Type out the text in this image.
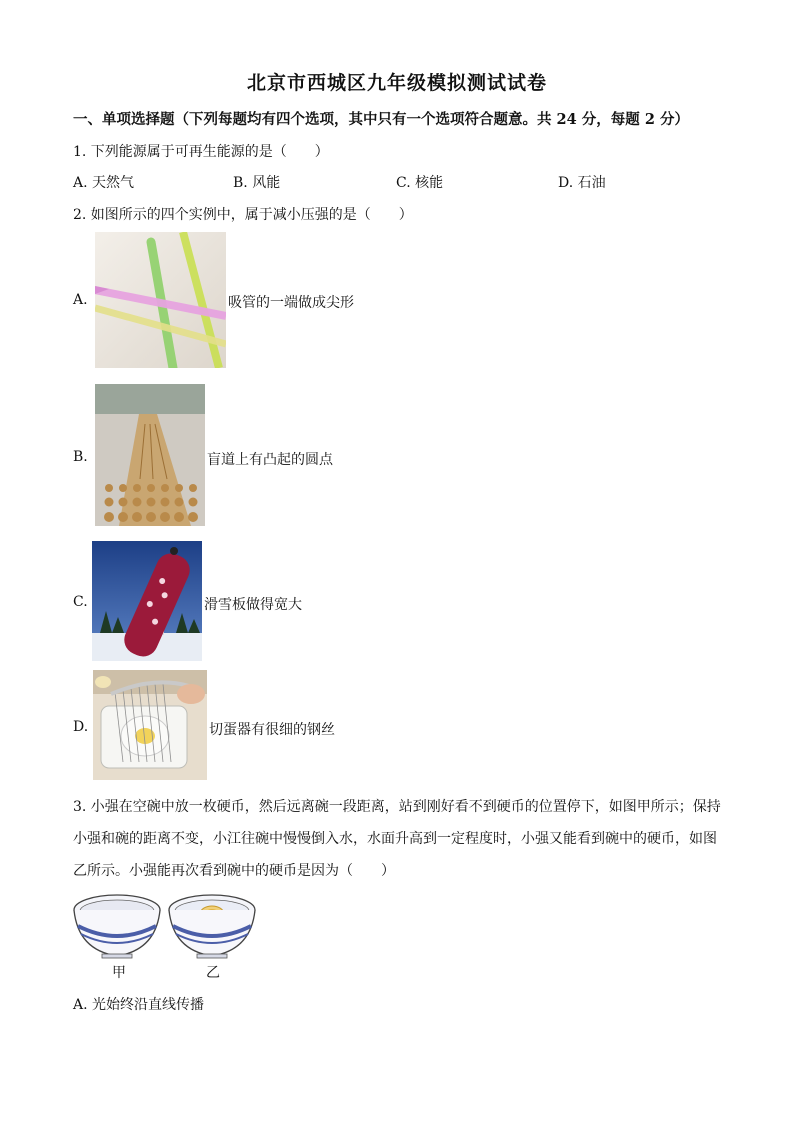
北京市西城区九年级模拟测试试卷
一、单项选择题（下列每题均有四个选项，其中只有一个选项符合题意。共 24 分，每题 2 分）
1. 下列能源属于可再生能源的是（　　）
A. 天然气	B. 风能	C. 核能	D. 石油
2. 如图所示的四个实例中，属于减小压强的是（　　）
A.	吸管的一端做成尖形
B.	盲道上有凸起的圆点
C.	滑雪板做得宽大
D.	切蛋器有很细的钢丝
3. 小强在空碗中放一枚硬币，然后远离碗一段距离，站到刚好看不到硬币的位置停下，如图甲所示；保持
小强和碗的距离不变，小江往碗中慢慢倒入水，水面升高到一定程度时，小强又能看到碗中的硬币，如图
乙所示。小强能再次看到碗中的硬币是因为（　　）
甲	乙
A. 光始终沿直线传播
